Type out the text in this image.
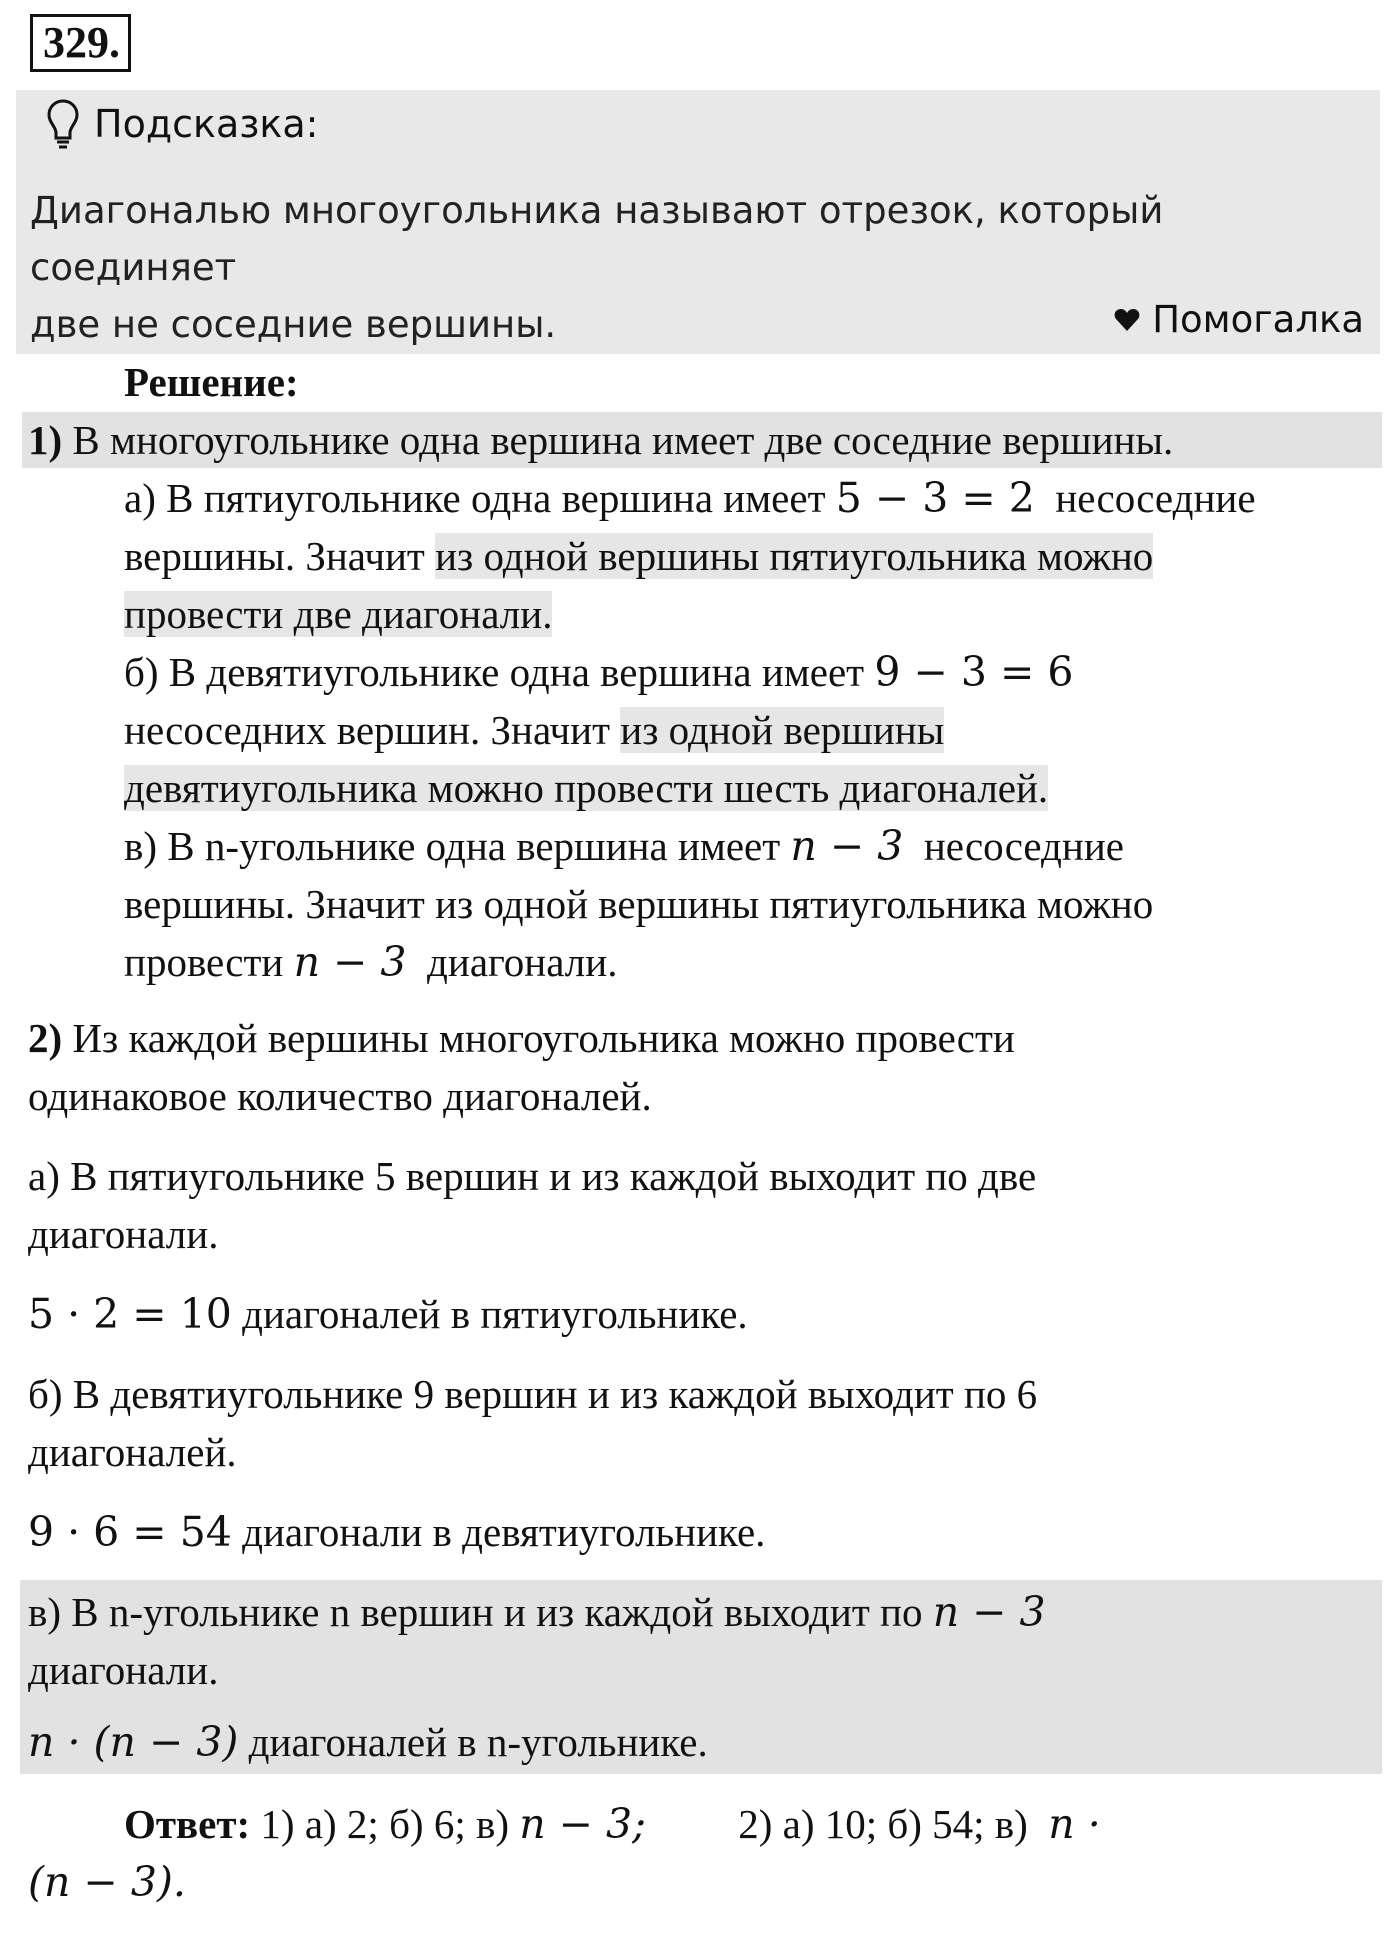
329.
Подсказка:
Диагональю многоугольника называют отрезок, который соединяет
две не соседние вершины.	Помогалка
Решение:
1) В многоугольнике одна вершина имеет две соседние вершины.
а) В пятиугольнике одна вершина имеет 5 − 3 = 2 несоседние
вершины. Значит из одной вершины пятиугольника можно
провести две диагонали.
б) В девятиугольнике одна вершина имеет 9 − 3 = 6
несоседних вершин. Значит из одной вершины
девятиугольника можно провести шесть диагоналей.
в) В n-угольнике одна вершина имеет n − 3 несоседние
вершины. Значит из одной вершины пятиугольника можно
провести n − 3 диагонали.
2) Из каждой вершины многоугольника можно провести
одинаковое количество диагоналей.
а) В пятиугольнике 5 вершин и из каждой выходит по две
диагонали.
5 · 2 = 10 диагоналей в пятиугольнике.
б) В девятиугольнике 9 вершин и из каждой выходит по 6
диагоналей.
9 · 6 = 54 диагонали в девятиугольнике.
в) В n-угольнике n вершин и из каждой выходит по n − 3
диагонали.
n · (n − 3) диагоналей в n-угольнике.
Ответ: 1) а) 2; б) 6; в) n − 3; 2) а) 10; б) 54; в) n ·
(n − 3).
